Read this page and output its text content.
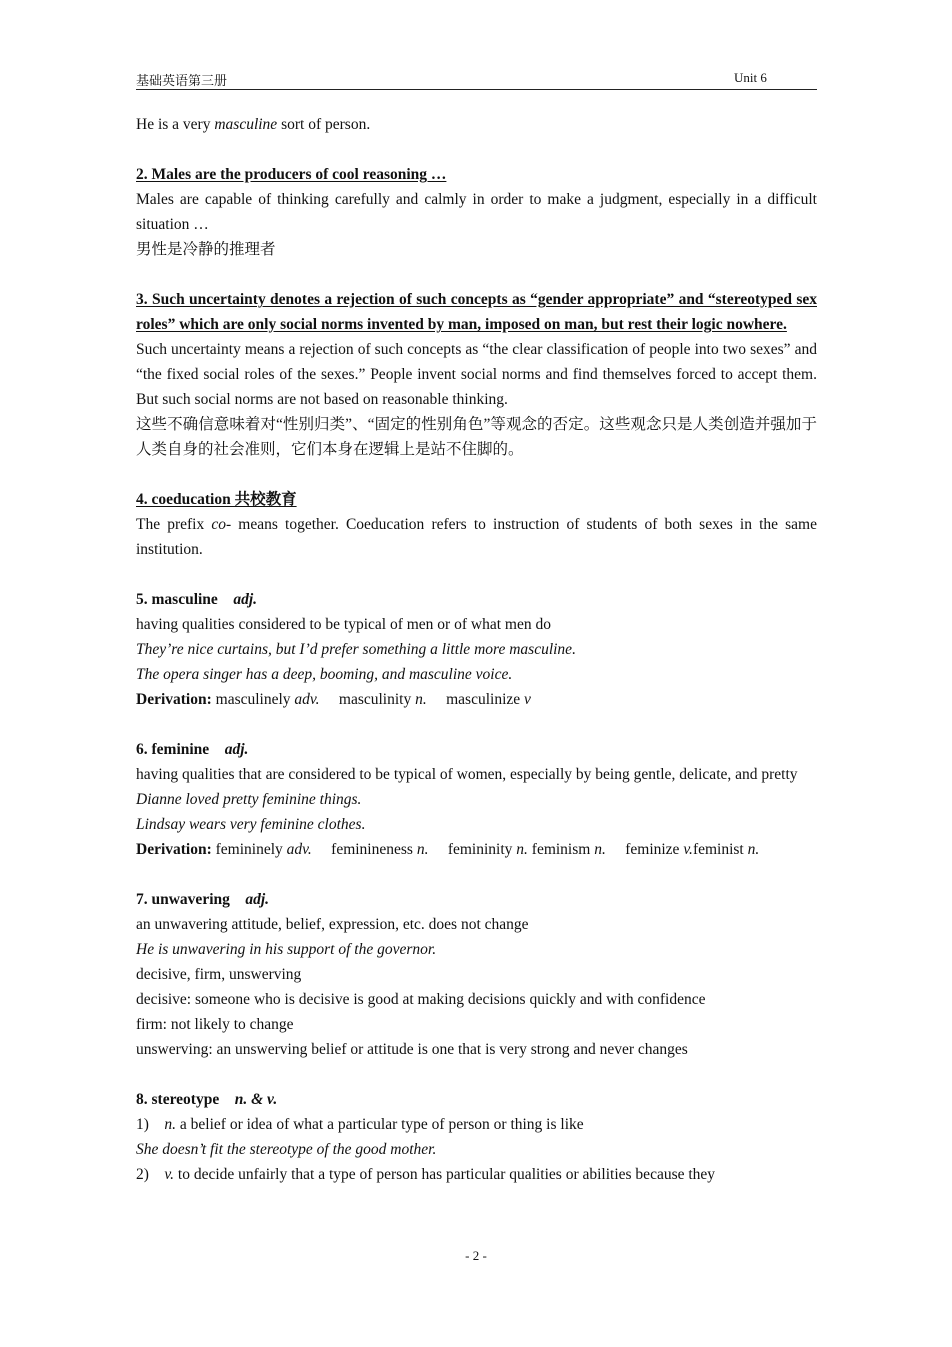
基础英语第三册	Unit 6

He is a very masculine sort of person.

2. Males are the producers of cool reasoning …

Males are capable of thinking carefully and calmly in order to make a judgment, especially in a difficult situation …

男性是冷静的推理者

3. Such uncertainty denotes a rejection of such concepts as “gender appropriate” and “stereotyped sex roles” which are only social norms invented by man, imposed on man, but rest their logic nowhere.

Such uncertainty means a rejection of such concepts as “the clear classification of people into two sexes” and “the fixed social roles of the sexes.” People invent social norms and find themselves forced to accept them. But such social norms are not based on reasonable thinking.

这些不确信意味着对“性别归类”、“固定的性别角色”等观念的否定。这些观念只是人类创造并强加于人类自身的社会准则，它们本身在逻辑上是站不住脚的。

4. coeducation 共校教育

The prefix co- means together. Coeducation refers to instruction of students of both sexes in the same institution.

5. masculine adj.

having qualities considered to be typical of men or of what men do

They’re nice curtains, but I’d prefer something a little more masculine.

The opera singer has a deep, booming, and masculine voice.

Derivation: masculinely adv. masculinity n. masculinize v

6. feminine adj.

having qualities that are considered to be typical of women, especially by being gentle, delicate, and pretty

Dianne loved pretty feminine things.

Lindsay wears very feminine clothes.

Derivation: femininely adv. feminineness n. femininity n. feminism n. feminize v.feminist n.

7. unwavering adj.

an unwavering attitude, belief, expression, etc. does not change

He is unwavering in his support of the governor.

decisive, firm, unswerving

decisive: someone who is decisive is good at making decisions quickly and with confidence

firm: not likely to change

unswerving: an unswerving belief or attitude is one that is very strong and never changes

8. stereotype n. & v.

1) n. a belief or idea of what a particular type of person or thing is like

She doesn’t fit the stereotype of the good mother.

2) v. to decide unfairly that a type of person has particular qualities or abilities because they

- 2 -
